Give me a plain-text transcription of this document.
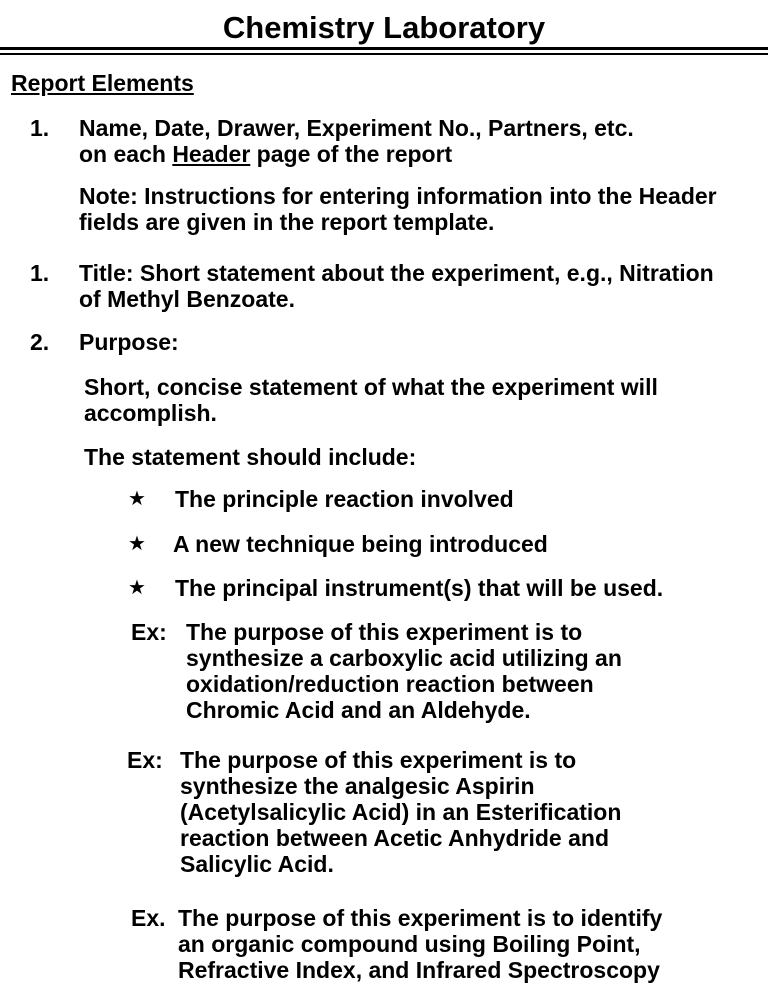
Chemistry Laboratory
Report Elements
1. Name, Date, Drawer, Experiment No., Partners, etc.
on each Header page of the report
Note: Instructions for entering information into the Header fields are given in the report template.
1. Title: Short statement about the experiment, e.g., Nitration of Methyl Benzoate.
2. Purpose:
Short, concise statement of what the experiment will accomplish.
The statement should include:
★ The principle reaction involved
★ A new technique being introduced
★ The principal instrument(s) that will be used.
Ex: The purpose of this experiment is to
synthesize a carboxylic acid utilizing an
oxidation/reduction reaction between
Chromic Acid and an Aldehyde.
Ex: The purpose of this experiment is to
synthesize the analgesic Aspirin
(Acetylsalicylic Acid) in an Esterification
reaction between Acetic Anhydride and
Salicylic Acid.
Ex. The purpose of this experiment is to identify
an organic compound using Boiling Point,
Refractive Index, and Infrared Spectroscopy
